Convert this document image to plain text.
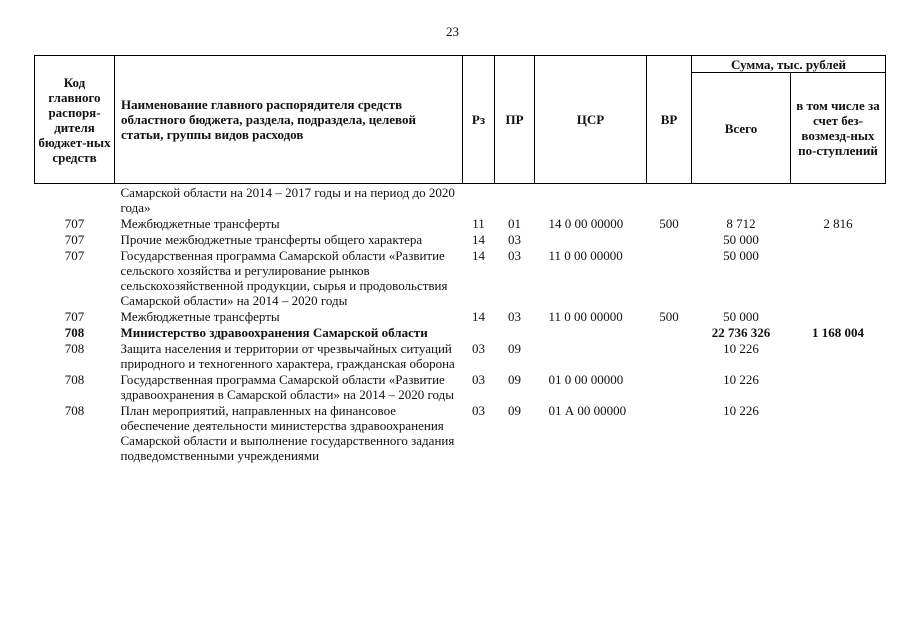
23
Код главного распоря-дителя бюджет-ных средств	Наименование главного распорядителя средств областного бюджета, раздела, подраздела, целевой статьи, группы видов расходов	Рз	ПР	ЦСР	ВР	Сумма, тыс. рублей	
						Всего	в том числе за счет без-возмезд-ных по-ступлений
	Самарской области на 2014 – 2017 годы и на период до 2020 года»						
707	Межбюджетные трансферты	11	01	14 0 00 00000	500	8 712	2 816
707	Прочие межбюджетные трансферты общего характера	14	03			50 000	
707	Государственная программа Самарской области «Развитие сельского хозяйства и регулирование рынков сельскохозяйственной продукции, сырья и продовольствия Самарской области» на 2014 – 2020 годы	14	03	11 0 00 00000		50 000	
707	Межбюджетные трансферты	14	03	11 0 00 00000	500	50 000	
708	Министерство здравоохранения Самарской области					22 736 326	1 168 004
708	Защита населения и территории от чрезвычайных ситуаций природного и техногенного характера, гражданская оборона	03	09			10 226	
708	Государственная программа Самарской области «Развитие здравоохранения в Самарской области» на 2014 – 2020 годы	03	09	01 0 00 00000		10 226	
708	План мероприятий, направленных на финансовое обеспечение деятельности министерства здравоохранения Самарской области и выполнение государственного задания подведомственными учреждениями	03	09	01 А 00 00000		10 226	
